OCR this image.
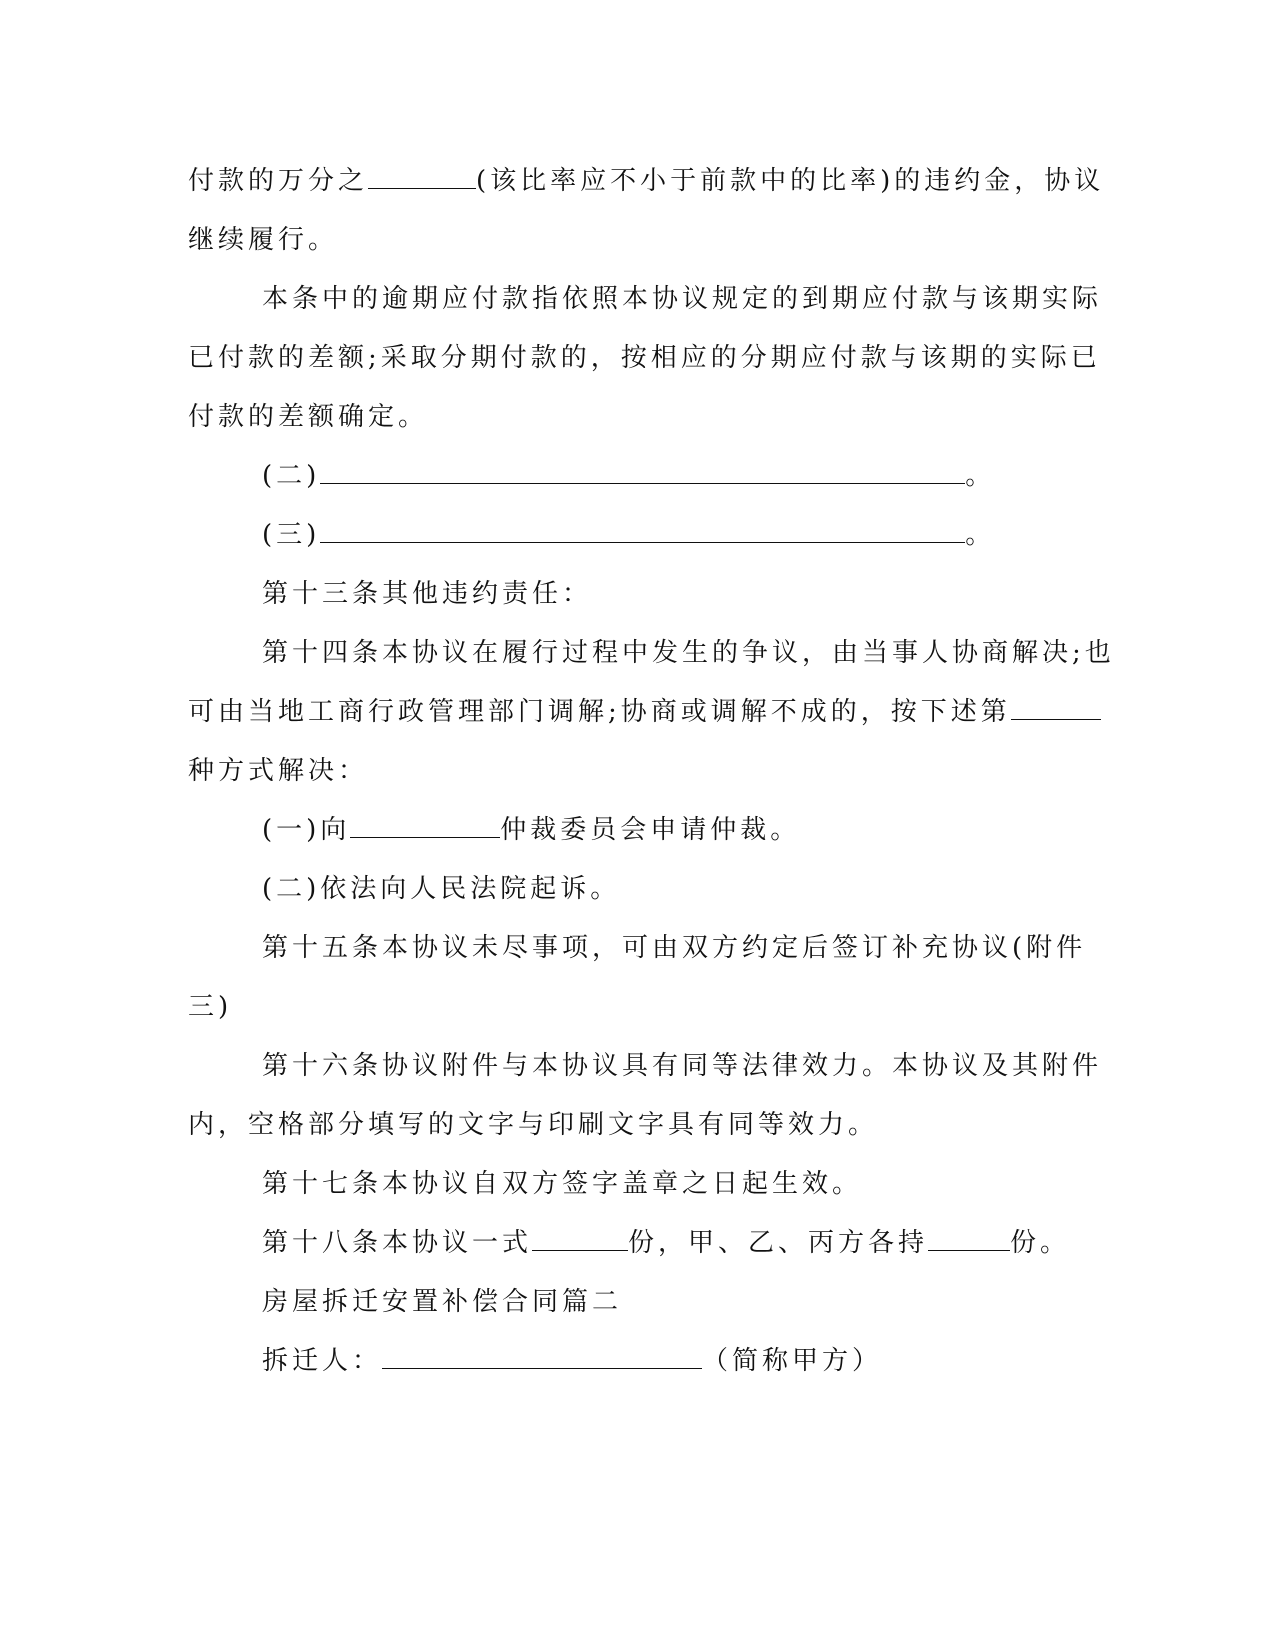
付款的万分之	(该比率应不小于前款中的比率)的违约金，协议
继续履行。
本条中的逾期应付款指依照本协议规定的到期应付款与该期实际
已付款的差额;采取分期付款的，按相应的分期应付款与该期的实际已
付款的差额确定。
(二)	。
(三)	。
第十三条其他违约责任：
第十四条本协议在履行过程中发生的争议，由当事人协商解决;也
可由当地工商行政管理部门调解;协商或调解不成的，按下述第
种方式解决：
(一)向	仲裁委员会申请仲裁。
(二)依法向人民法院起诉。
第十五条本协议未尽事项，可由双方约定后签订补充协议(附件
三)
第十六条协议附件与本协议具有同等法律效力。本协议及其附件
内，空格部分填写的文字与印刷文字具有同等效力。
第十七条本协议自双方签字盖章之日起生效。
第十八条本协议一式	份，甲、乙、丙方各持	份。
房屋拆迁安置补偿合同篇二
拆迁人：	（简称甲方）
